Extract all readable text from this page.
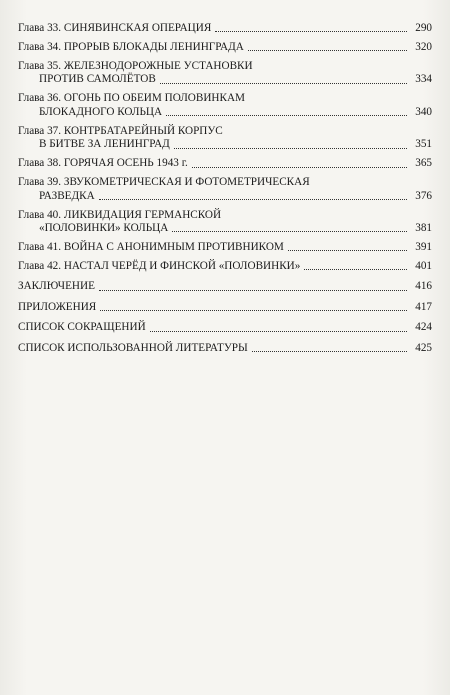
Глава 33. СИНЯВИНСКАЯ ОПЕРАЦИЯ	290
Глава 34. ПРОРЫВ БЛОКАДЫ ЛЕНИНГРАДА	320
Глава 35. ЖЕЛЕЗНОДОРОЖНЫЕ УСТАНОВКИ
ПРОТИВ САМОЛЁТОВ	334
Глава 36. ОГОНЬ ПО ОБЕИМ ПОЛОВИНКАМ
БЛОКАДНОГО КОЛЬЦА	340
Глава 37. КОНТРБАТАРЕЙНЫЙ КОРПУС
В БИТВЕ ЗА ЛЕНИНГРАД	351
Глава 38. ГОРЯЧАЯ ОСЕНЬ 1943 г.	365
Глава 39. ЗВУКОМЕТРИЧЕСКАЯ И ФОТОМЕТРИЧЕСКАЯ
РАЗВЕДКА	376
Глава 40. ЛИКВИДАЦИЯ ГЕРМАНСКОЙ
«ПОЛОВИНКИ» КОЛЬЦА	381
Глава 41. ВОЙНА С АНОНИМНЫМ ПРОТИВНИКОМ	391
Глава 42. НАСТАЛ ЧЕРЁД И ФИНСКОЙ «ПОЛОВИНКИ»	401
ЗАКЛЮЧЕНИЕ	416
ПРИЛОЖЕНИЯ	417
СПИСОК СОКРАЩЕНИЙ	424
СПИСОК ИСПОЛЬЗОВАННОЙ ЛИТЕРАТУРЫ	425
